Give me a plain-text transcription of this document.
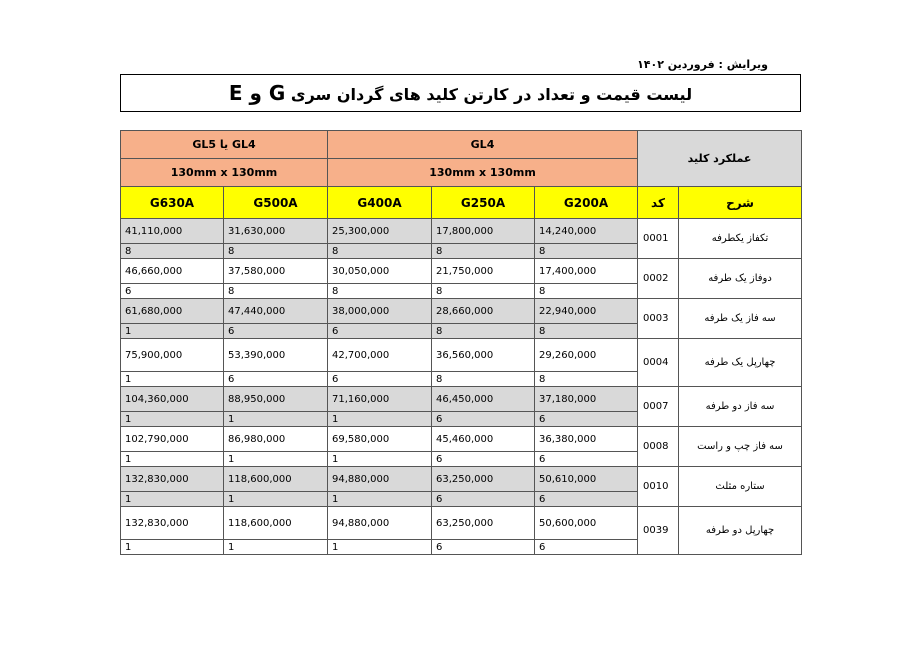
ویرایش : فروردین ۱۴۰۲
لیست قیمت و تعداد در کارتن کلید های گردان سری G و E
GL5 یا GL4		GL4			عملکرد کلید	
130mm x 130mm		130mm x 130mm				
G630A	G500A	G400A	G250A	G200A	کد	شرح
41,110,000	31,630,000	25,300,000	17,800,000	14,240,000	0001	تکفاز یکطرفه
8	8	8	8	8		
46,660,000	37,580,000	30,050,000	21,750,000	17,400,000	0002	دوفاز یک طرفه
6	8	8	8	8		
61,680,000	47,440,000	38,000,000	28,660,000	22,940,000	0003	سه فاز یک طرفه
1	6	6	8	8		
75,900,000	53,390,000	42,700,000	36,560,000	29,260,000	0004	چهارپل یک طرفه
1	6	6	8	8		
104,360,000	88,950,000	71,160,000	46,450,000	37,180,000	0007	سه فاز دو طرفه
1	1	1	6	6		
102,790,000	86,980,000	69,580,000	45,460,000	36,380,000	0008	سه فاز چپ و راست
1	1	1	6	6		
132,830,000	118,600,000	94,880,000	63,250,000	50,610,000	0010	ستاره مثلث
1	1	1	6	6		
132,830,000	118,600,000	94,880,000	63,250,000	50,600,000	0039	چهارپل دو طرفه
1	1	1	6	6		
